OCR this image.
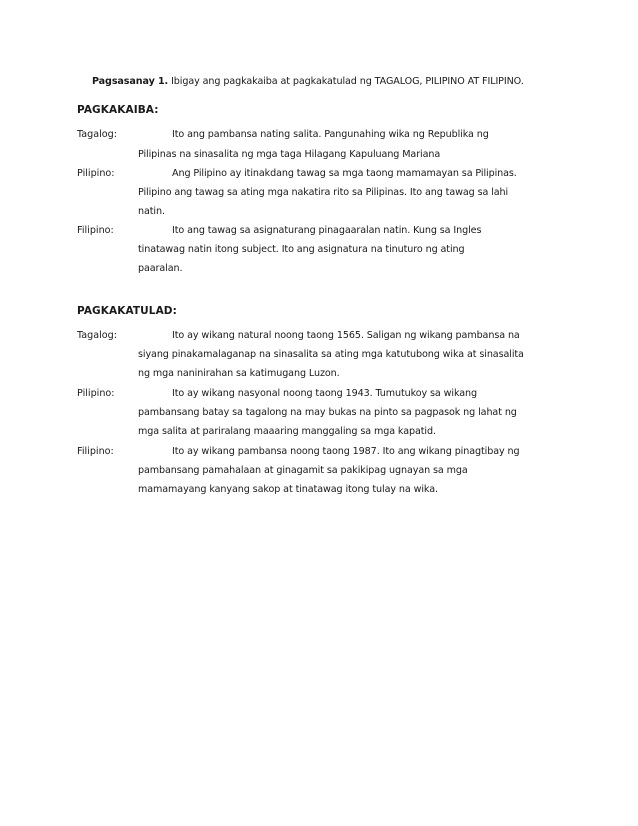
Pagsasanay 1. Ibigay ang pagkakaiba at pagkakatulad ng TAGALOG, PILIPINO AT FILIPINO.
PAGKAKAIBA:
Tagalog:	Ito ang pambansa nating salita. Pangunahing wika ng Republika ng
Pilipinas na sinasalita ng mga taga Hilagang Kapuluang Mariana
Pilipino:	Ang Pilipino ay itinakdang tawag sa mga taong mamamayan sa Pilipinas.
Pilipino ang tawag sa ating mga nakatira rito sa Pilipinas. Ito ang tawag sa lahi
natin.
Filipino:	Ito ang tawag sa asignaturang pinagaaralan natin. Kung sa Ingles
tinatawag natin itong subject. Ito ang asignatura na tinuturo ng ating
paaralan.
PAGKAKATULAD:
Tagalog:	Ito ay wikang natural noong taong 1565. Saligan ng wikang pambansa na
siyang pinakamalaganap na sinasalita sa ating mga katutubong wika at sinasalita
ng mga naninirahan sa katimugang Luzon.
Pilipino:	Ito ay wikang nasyonal noong taong 1943. Tumutukoy sa wikang
pambansang batay sa tagalong na may bukas na pinto sa pagpasok ng lahat ng
mga salita at pariralang maaaring manggaling sa mga kapatid.
Filipino:	Ito ay wikang pambansa noong taong 1987. Ito ang wikang pinagtibay ng
pambansang pamahalaan at ginagamit sa pakikipag ugnayan sa mga
mamamayang kanyang sakop at tinatawag itong tulay na wika.
